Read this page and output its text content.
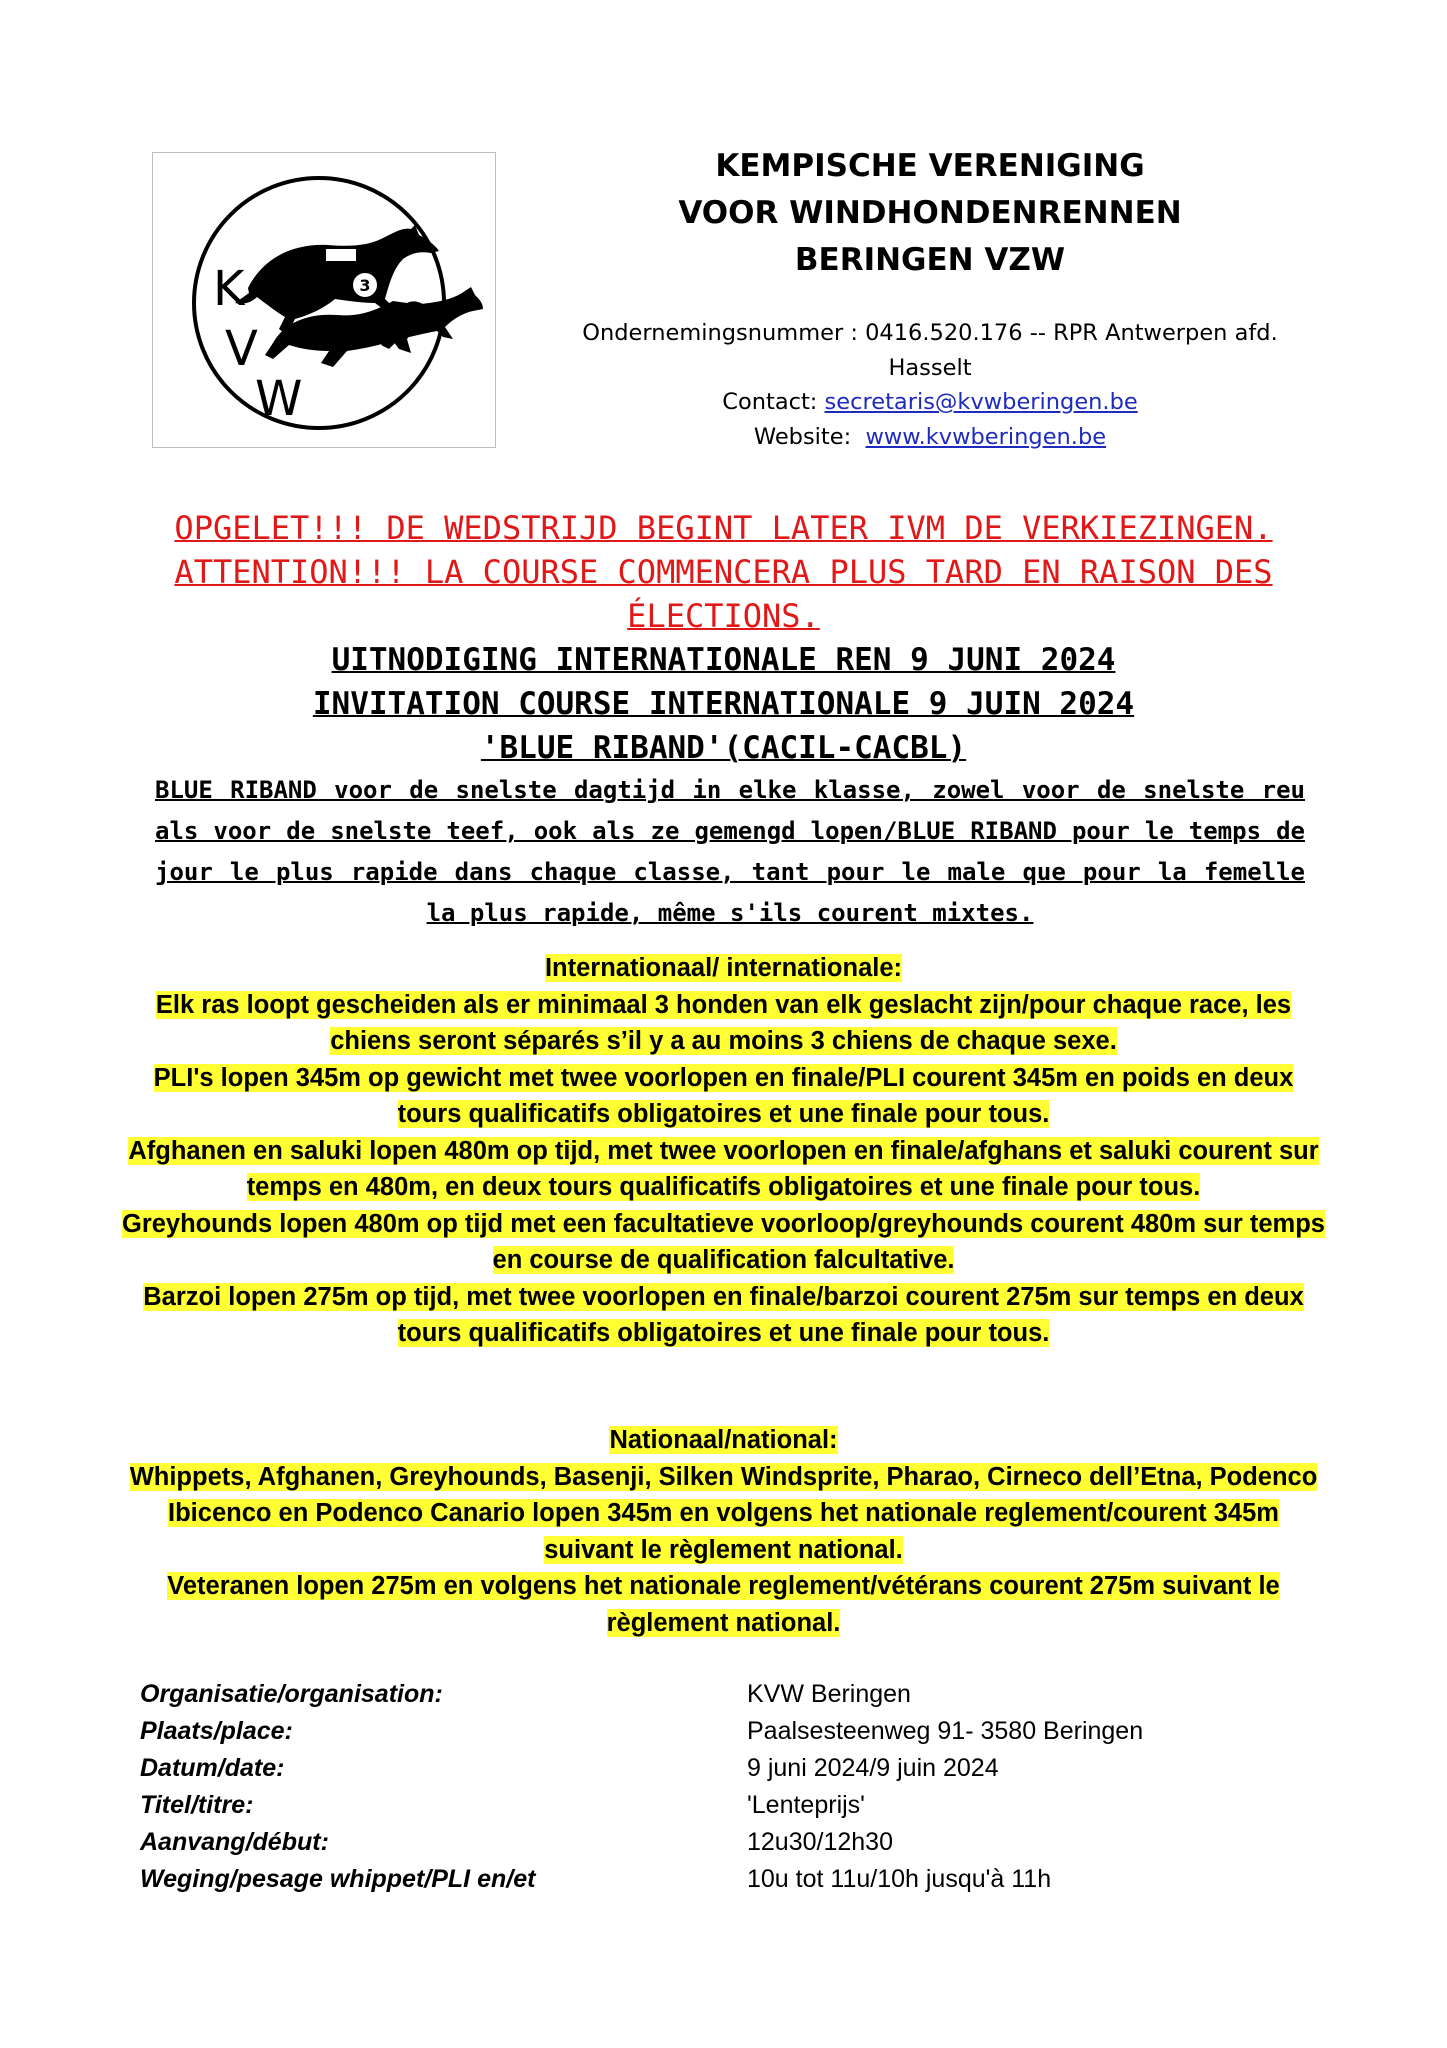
3
K
V
W
KEMPISCHE VERENIGING
VOOR WINDHONDENRENNEN
BERINGEN VZW
Ondernemingsnummer : 0416.520.176 -- RPR Antwerpen afd.
Hasselt
Contact: secretaris@kvwberingen.be
Website:  www.kvwberingen.be
OPGELET!!! DE WEDSTRIJD BEGINT LATER IVM DE VERKIEZINGEN.
ATTENTION!!! LA COURSE COMMENCERA PLUS TARD EN RAISON DES
ÉLECTIONS.
UITNODIGING INTERNATIONALE REN 9 JUNI 2024
INVITATION COURSE INTERNATIONALE 9 JUIN 2024
'BLUE RIBAND'(CACIL-CACBL)
BLUE RIBAND voor de snelste dagtijd in elke klasse, zowel voor de snelste reu als voor de snelste teef, ook als ze gemengd lopen/BLUE RIBAND pour le temps de jour le plus rapide dans chaque classe, tant pour le male que pour la femelle la plus rapide, même s'ils courent mixtes.
Internationaal/ internationale:
Elk ras loopt gescheiden als er minimaal 3 honden van elk geslacht zijn/pour chaque race, les chiens seront séparés s’il y a au moins 3 chiens de chaque sexe.
PLI's lopen 345m op gewicht met twee voorlopen en finale/PLI courent 345m en poids en deux tours qualificatifs obligatoires et une finale pour tous.
Afghanen en saluki lopen 480m op tijd, met twee voorlopen en finale/afghans et saluki courent sur temps en 480m, en deux tours qualificatifs obligatoires et une finale pour tous.
Greyhounds lopen 480m op tijd met een facultatieve voorloop/greyhounds courent 480m sur temps en course de qualification falcultative.
Barzoi lopen 275m op tijd, met twee voorlopen en finale/barzoi courent 275m sur temps en deux tours qualificatifs obligatoires et une finale pour tous.
Nationaal/national:
Whippets, Afghanen, Greyhounds, Basenji, Silken Windsprite, Pharao, Cirneco dell’Etna, Podenco Ibicenco en Podenco Canario lopen 345m en volgens het nationale reglement/courent 345m suivant le règlement national.
Veteranen lopen 275m en volgens het nationale reglement/vétérans courent 275m suivant le règlement national.
Organisatie/organisation:	KVW Beringen
Plaats/place:	Paalsesteenweg 91- 3580 Beringen
Datum/date:	9 juni 2024/9 juin 2024
Titel/titre:	'Lenteprijs'
Aanvang/début:	12u30/12h30
Weging/pesage whippet/PLI en/et	10u tot 11u/10h jusqu'à 11h
